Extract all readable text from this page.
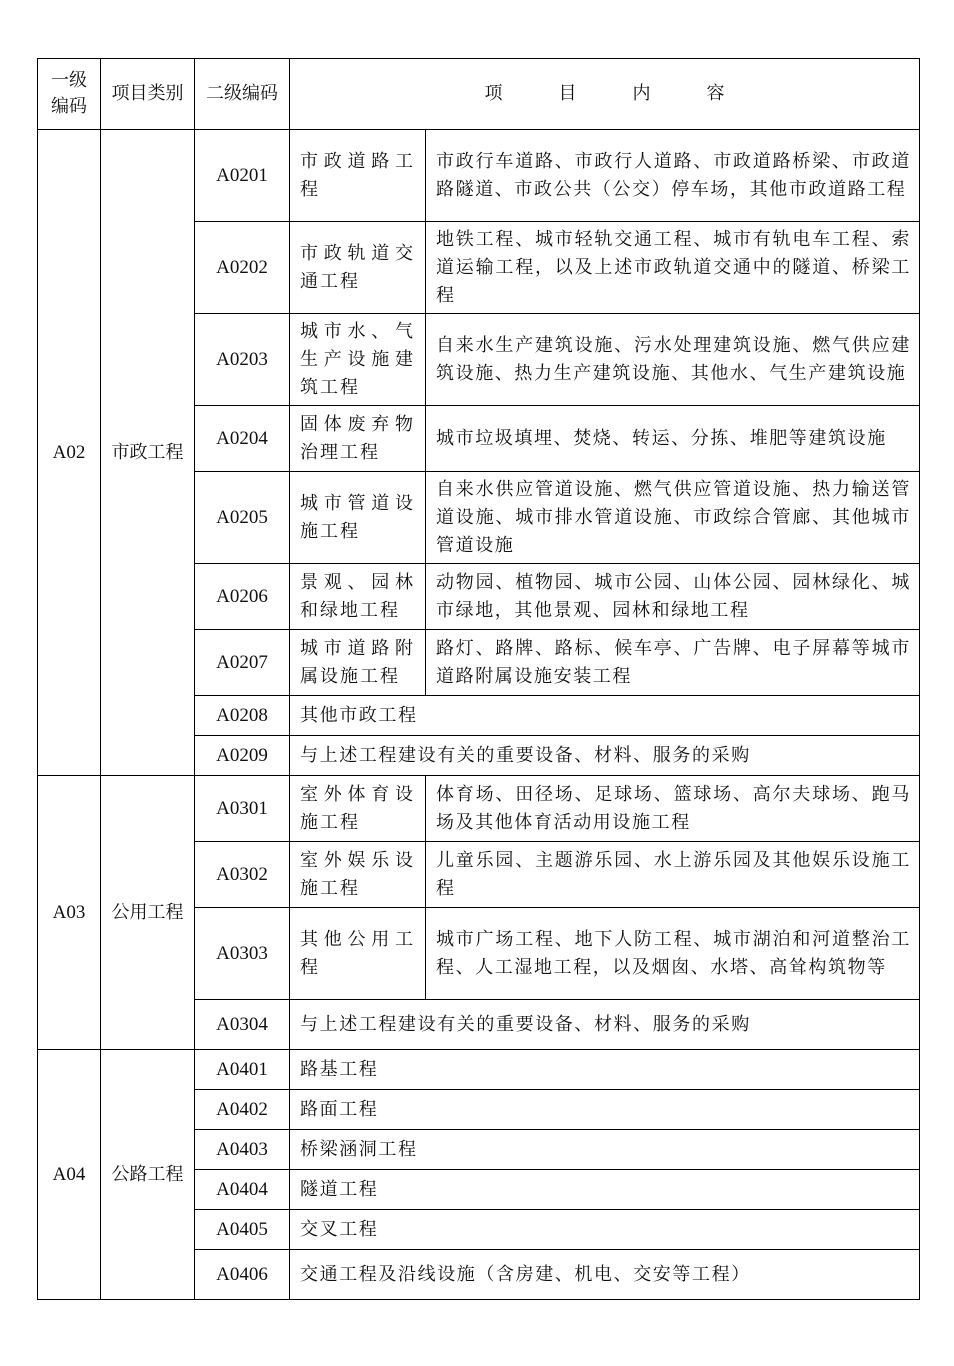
一级
编码	项目类别	二级编码	项 目 内 容	
A02	市政工程	A0201	市政道路工程	市政行车道路、市政行人道路、市政道路桥梁、市政道路隧道、市政公共（公交）停车场，其他市政道路工程
		A0202	市政轨道交通工程	地铁工程、城市轻轨交通工程、城市有轨电车工程、索道运输工程，以及上述市政轨道交通中的隧道、桥梁工程
		A0203	城市水、气生产设施建筑工程	自来水生产建筑设施、污水处理建筑设施、燃气供应建筑设施、热力生产建筑设施、其他水、气生产建筑设施
		A0204	固体废弃物治理工程	城市垃圾填埋、焚烧、转运、分拣、堆肥等建筑设施
		A0205	城市管道设施工程	自来水供应管道设施、燃气供应管道设施、热力输送管道设施、城市排水管道设施、市政综合管廊、其他城市管道设施
		A0206	景观、园林和绿地工程	动物园、植物园、城市公园、山体公园、园林绿化、城市绿地，其他景观、园林和绿地工程
		A0207	城市道路附属设施工程	路灯、路牌、路标、候车亭、广告牌、电子屏幕等城市道路附属设施安装工程
		A0208	其他市政工程	
		A0209	与上述工程建设有关的重要设备、材料、服务的采购	
A03	公用工程	A0301	室外体育设施工程	体育场、田径场、足球场、篮球场、高尔夫球场、跑马场及其他体育活动用设施工程
		A0302	室外娱乐设施工程	儿童乐园、主题游乐园、水上游乐园及其他娱乐设施工程
		A0303	其他公用工程	城市广场工程、地下人防工程、城市湖泊和河道整治工程、人工湿地工程，以及烟囱、水塔、高耸构筑物等
		A0304	与上述工程建设有关的重要设备、材料、服务的采购	
A04	公路工程	A0401	路基工程	
		A0402	路面工程	
		A0403	桥梁涵洞工程	
		A0404	隧道工程	
		A0405	交叉工程	
		A0406	交通工程及沿线设施（含房建、机电、交安等工程）	
